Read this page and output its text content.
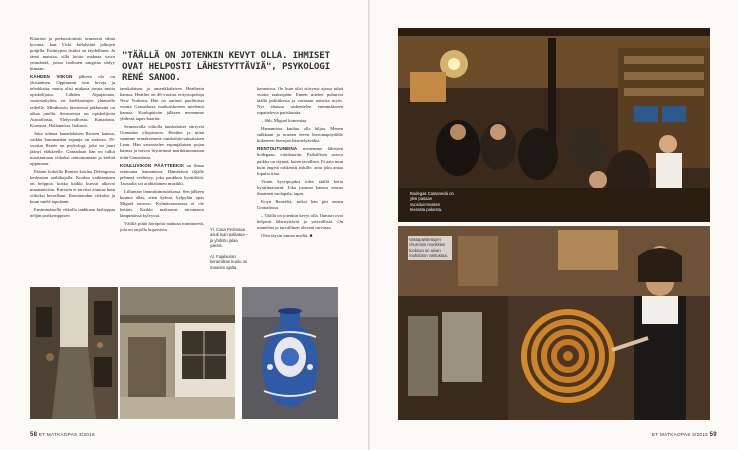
Kitariset ja perkussionistit seuraavat silmä kovana, kun Vicki kiihdyttää jalkojen pohjilla. Esiintyjien lisäksi on täydellinen. Ja tämä maistaa, sillä luotto makuaa vaiva ymmärtää, joissa laulimen sangriaa siidyy himaan.

KAHDEN VIIKON jälkeen olo on yksinäinen. Oppitunnit ovat kivoja ja tehokkaita, mutta olisi mukava tavata muita opiskelijoita. Lähden Alpujarraan, vuoristokyliin, eri kielikoulujen yhteiselle retkelle. Minibussin kierteessä pikkuteitä on aikaa jutella. Seurueessa on opiskelijoita Australiasta, Yhdysvalloista, Kanadasta, Koreasta, Hollannista, Italiasta.

Jutta tulmaa kanadalaisen Roseen kanssa, vaikka kummankin espanja on surkeaa. 59-vuotias Renée on psykologi, joka on juuri jäänyt eläkkeelle. Granadaan hän on tullut maustamaan viikoksi rentoutumaan ja kielitä oppimaan.

Päärän kokeilla Renten koulua Delengossa keskustan arabikujalla. Koulun vaihtaminen on helppoa, koska kaikki kurssit alkavat maanantaisin. Kurssiin ei tarvitse etuntaa kuin viikoksi kerrallaan. Ilmoittaudun viikoksi ja kuun mielä tapulaani.

Ensimmäisellä viikolla tankkaan kielioppia neljän parikymppisen

"TÄÄLLÄ ON JOTENKIN KEVYT OLLA. IHMISET OVAT HELPOSTI LÄHESTYTTÄVIÄ", PSYKOLOGI RENÉ SANOO.

tanskalaisen ja amerikkalaisen Heatherin kanssa. Heather on 46-vuotias erityisopettaja New Yorkista. Hän on aurinut puolitoista vuotta Granadassa matkoiskoisen mielensä kanssa. Koulupäivän jälkeen menemme yhdessä tapas-baariin.

Seuraavalla viikolla tanskalaiset siirtyvät Granadan yliopistoon. Heather ja minä saamme seuraksemme ranskalais-saksalaisen Lean. Hän seurustelee espanjalaisen pojan kanssa ja toivoo löytävänsä marikkinomtaian töitä Granadasta.

KOULUVIKON PÄÄTTEEKSI on ilmaa rentoutua hamamissa. Hämärässä tiljalle pehmeä veeltetyy, joka paukkuu kynttilöitä. Taustalla soi arabialainen muzikki.

Lillumme lämmittimistärkassa. Sen jälkeen kuuma allas, siten kylmä, kylpylän opas Miguel neuvoo. Kylmäosastaassa ei ole kettärt. Kaikki makaavat nirvanassa lämpimässä kylvyssä.

Välillä pitää höröpötä makuaa minttuteetä, jota on tarjolla hopeisissa	Yl. Casa Pedrosaa asuk kuin palkatua – ja yhdistu jalaa yaksis.
Al. Fajalauran keramiikan kuulu on maurien ajalta.

kannuissa. On kuin olisi siirtynyt ajassa tuhat vuotta taaksepäin. Ennen miehet puhuivat täällä politiikasta ja varmaan naisista myös. Nyt altaissa uiskentelee enimmäkseen rupattelevia pariskuntia.

– Shh, Miguel komentaa.

Hamamissa kuuluu olla hiljaa. Menen sulkkaan ja nousen eteen hieromapöydälle kokeneen hierojan käsittelyäväksi.

RENTOUTUNEINA menemme lähiseen bodegaan, viinibaariin. Paikallisen seassa paikka on täynnä, kuten tavallista. Et aata mun kuin ängetä rohkeasti tiskille, aina joku antaa lopulta tilaa.

Viinin kyytipojaksi tulee täällä kerta kyräilmaisatnl. Joka juoman kanssa seuraa ilmainen suolapala, tapas.

Koyn Reneeltä, miksi hän piti ennen Granadassa.

– Täällä on jotenkin kevyt olla. Ihmiset ovat helposti lähestyttäviä ja ystävällisiä. On tunnelma ja turvallinen olevani turvassa.

Olen täysin samaa mieltä. ■

Bodegas Castanedá on yksi pasaan suosituimmaiten teerasta pakesta.
Vastapaistettujen churrosin munkkien tuoksua on aivan mahdoton vastustaa.
58 ET MATKAOPAS 3/2016	ET MATKAOPAS 3/2016 59
